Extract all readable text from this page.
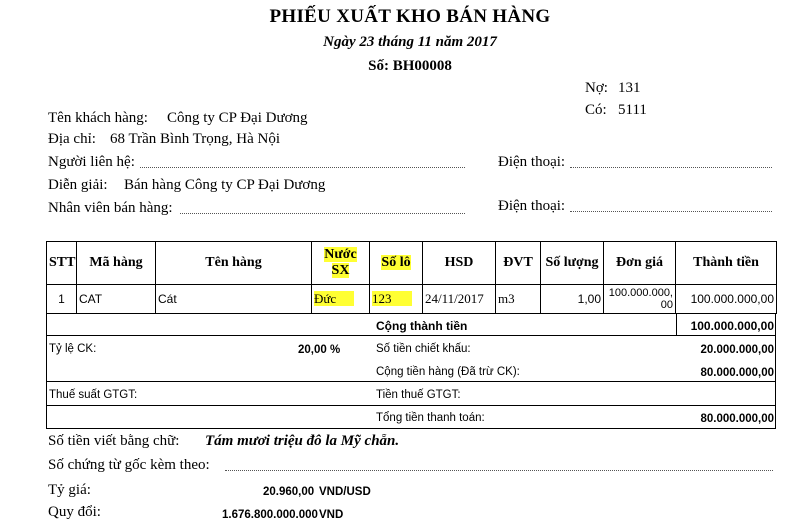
PHIẾU XUẤT KHO BÁN HÀNG
Ngày 23 tháng 11 năm 2017
Số: BH00008
Nợ: 131
Có: 5111
Tên khách hàng: Công ty CP Đại Dương
Địa chỉ: 68 Trần Bình Trọng, Hà Nội
Người liên hệ:	Điện thoại:
Diễn giải: Bán hàng Công ty CP Đại Dương
Nhân viên bán hàng:	Điện thoại:
STT	Mã hàng	Tên hàng	Nước SX	Số lô	HSD	ĐVT	Số lượng	Đơn giá	Thành tiền
1	CAT	Cát	Đức	123	24/11/2017	m3	1,00	100.000.000,00	100.000.000,00
Cộng thành tiền	100.000.000,00
Tỷ lệ CK:	20,00 %	Số tiền chiết khấu:	20.000.000,00
Cộng tiền hàng (Đã trừ CK):	80.000.000,00
Thuế suất GTGT:	Tiền thuế GTGT:
Tổng tiền thanh toán:	80.000.000,00
Số tiền viết bằng chữ: Tám mươi triệu đô la Mỹ chẵn.
Số chứng từ gốc kèm theo:
Tỷ giá:	20.960,00 VND/USD
Quy đổi:	1.676.800.000.000 VND
